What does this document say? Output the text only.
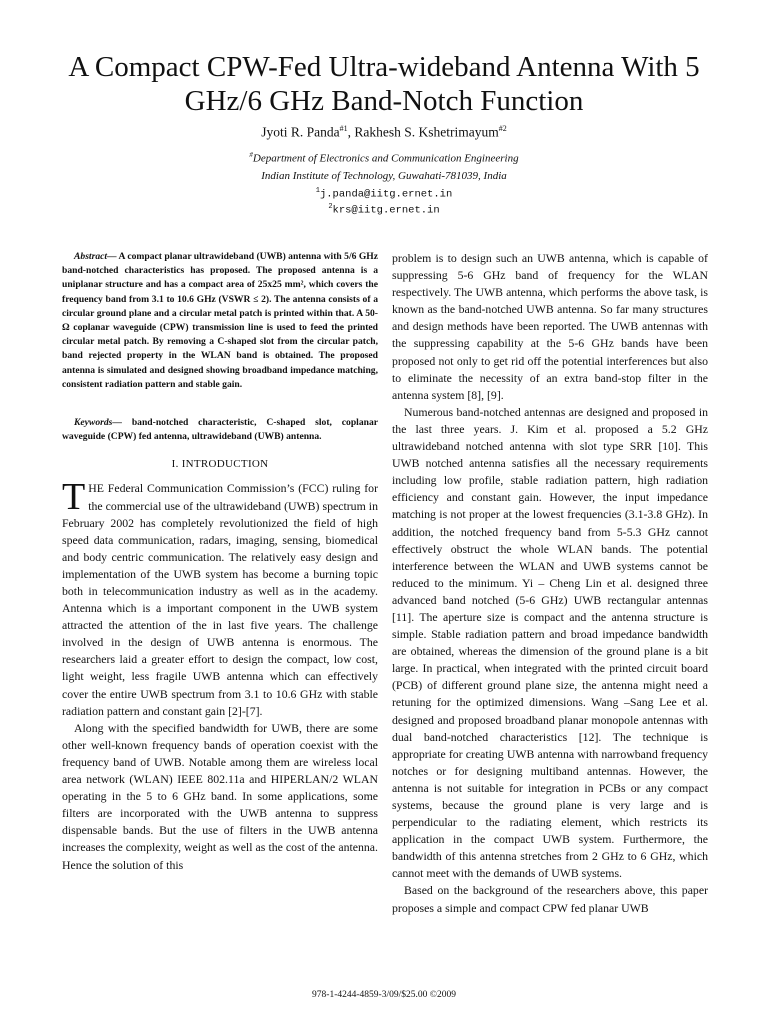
A Compact CPW-Fed Ultra-wideband Antenna With 5
GHz/6 GHz Band-Notch Function
Jyoti R. Panda$^{\#1}$, Rakhesh S. Kshetrimayum$^{\#2}$
#Department of Electronics and Communication Engineering
Indian Institute of Technology, Guwahati-781039, India
$^1$j.panda@iitg.ernet.in
$^2$krs@iitg.ernet.in

Abstract— A compact planar ultrawideband (UWB) antenna with 5/6 GHz band-notched characteristics has proposed. The proposed antenna is a uniplanar structure and has a compact area of 25x25 mm², which covers the frequency band from 3.1 to 10.6 GHz (VSWR ≤ 2). The antenna consists of a circular ground plane and a circular metal patch is printed within that. A 50-Ω coplanar waveguide (CPW) transmission line is used to feed the printed circular metal patch. By removing a C-shaped slot from the circular patch, band rejected property in the WLAN band is obtained. The proposed antenna is simulated and designed showing broadband impedance matching, consistent radiation pattern and stable gain.

Keywords— band-notched characteristic, C-shaped slot, coplanar waveguide (CPW) fed antenna, ultrawideband (UWB) antenna.

I. INTRODUCTION

THE Federal Communication Commission’s (FCC) ruling for the commercial use of the ultrawideband (UWB) spectrum in February 2002 has completely revolutionized the field of high speed data communication, radars, imaging, sensing, biomedical and body centric communication. The relatively easy design and implementation of the UWB system has become a burning topic both in telecommunication industry as well as in the academy. Antenna which is a important component in the UWB system attracted the attention of the in last five years. The challenge involved in the design of UWB antenna is enormous. The researchers laid a greater effort to design the compact, low cost, light weight, less fragile UWB antenna which can effectively cover the entire UWB spectrum from 3.1 to 10.6 GHz with stable radiation pattern and constant gain [2]-[7].

Along with the specified bandwidth for UWB, there are some other well-known frequency bands of operation coexist with the frequency band of UWB. Notable among them are wireless local area network (WLAN) IEEE 802.11a and HIPERLAN/2 WLAN operating in the 5 to 6 GHz band. In some applications, some filters are incorporated with the UWB antenna to suppress dispensable bands. But the use of filters in the UWB antenna increases the complexity, weight as well as the cost of the antenna. Hence the solution of this

problem is to design such an UWB antenna, which is capable of suppressing 5-6 GHz band of frequency for the WLAN respectively. The UWB antenna, which performs the above task, is known as the band-notched UWB antenna. So far many structures and design methods have been reported. The UWB antennas with the suppressing capability at the 5-6 GHz bands have been proposed not only to get rid off the potential interferences but also to eliminate the necessity of an extra band-stop filter in the antenna system [8], [9].

Numerous band-notched antennas are designed and proposed in the last three years. J. Kim et al. proposed a 5.2 GHz ultrawideband notched antenna with slot type SRR [10]. This UWB notched antenna satisfies all the necessary requirements including low profile, stable radiation pattern, high radiation efficiency and constant gain. However, the input impedance matching is not proper at the lowest frequencies (3.1-3.8 GHz). In addition, the notched frequency band from 5-5.3 GHz cannot effectively obstruct the whole WLAN bands. The potential interference between the WLAN and UWB systems cannot be reduced to the minimum. Yi – Cheng Lin et al. designed three advanced band notched (5-6 GHz) UWB rectangular antennas [11]. The aperture size is compact and the antenna structure is simple. Stable radiation pattern and broad impedance bandwidth are obtained, whereas the dimension of the ground plane is a bit large. In practical, when integrated with the printed circuit board (PCB) of different ground plane size, the antenna might need a retuning for the optimized dimensions. Wang –Sang Lee et al. designed and proposed broadband planar monopole antennas with dual band-notched characteristics [12]. The technique is appropriate for creating UWB antenna with narrowband frequency notches or for designing multiband antennas. However, the antenna is not suitable for integration in PCBs or any compact systems, because the ground plane is very large and is perpendicular to the radiating element, which restricts its application in the compact UWB system. Furthermore, the bandwidth of this antenna stretches from 2 GHz to 6 GHz, which cannot meet with the demands of UWB systems.

Based on the background of the researchers above, this paper proposes a simple and compact CPW fed planar UWB

978-1-4244-4859-3/09/$25.00 ©2009
